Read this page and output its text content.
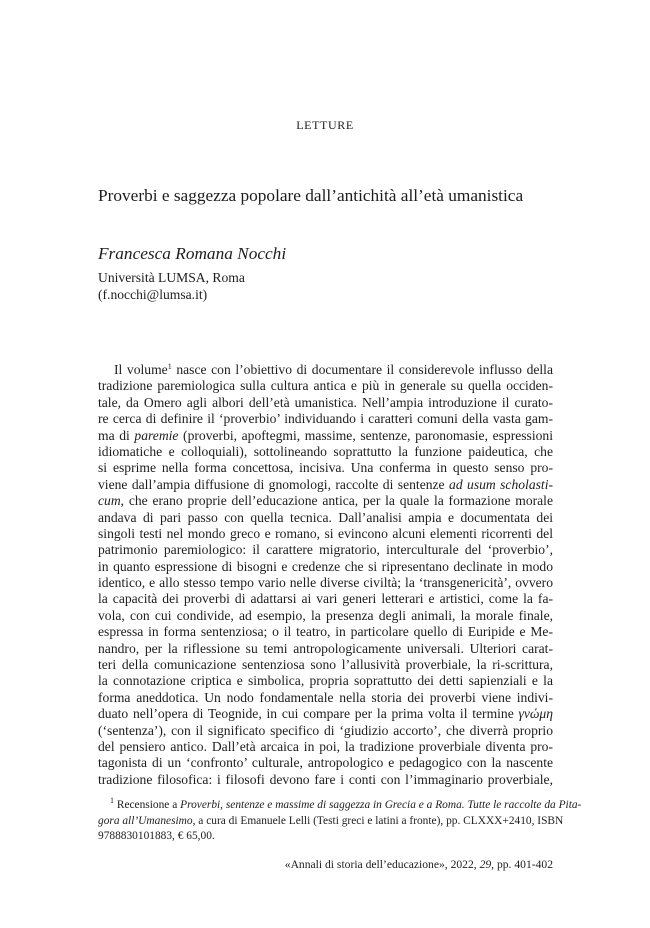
LETTURE
Proverbi e saggezza popolare dall’antichità all’età umanistica
Francesca Romana Nocchi
Università LUMSA, Roma
(f.nocchi@lumsa.it)
Il volume$^1$ nasce con l’obiettivo di documentare il considerevole influsso della
tradizione paremiologica sulla cultura antica e più in generale su quella occiden-
tale, da Omero agli albori dell’età umanistica. Nell’ampia introduzione il curato-
re cerca di definire il ‘proverbio’ individuando i caratteri comuni della vasta gam-
ma di paremie (proverbi, apoftegmi, massime, sentenze, paronomasie, espressioni
idiomatiche e colloquiali), sottolineando soprattutto la funzione paideutica, che
si esprime nella forma concettosa, incisiva. Una conferma in questo senso pro-
viene dall’ampia diffusione di gnomologi, raccolte di sentenze ad usum scholasti-
cum, che erano proprie dell’educazione antica, per la quale la formazione morale
andava di pari passo con quella tecnica. Dall’analisi ampia e documentata dei
singoli testi nel mondo greco e romano, si evincono alcuni elementi ricorrenti del
patrimonio paremiologico: il carattere migratorio, interculturale del ‘proverbio’,
in quanto espressione di bisogni e credenze che si ripresentano declinate in modo
identico, e allo stesso tempo vario nelle diverse civiltà; la ‘transgenericità’, ovvero
la capacità dei proverbi di adattarsi ai vari generi letterari e artistici, come la fa-
vola, con cui condivide, ad esempio, la presenza degli animali, la morale finale,
espressa in forma sentenziosa; o il teatro, in particolare quello di Euripide e Me-
nandro, per la riflessione su temi antropologicamente universali. Ulteriori carat-
teri della comunicazione sentenziosa sono l’allusività proverbiale, la ri-scrittura,
la connotazione criptica e simbolica, propria soprattutto dei detti sapienziali e la
forma aneddotica. Un nodo fondamentale nella storia dei proverbi viene indivi-
duato nell’opera di Teognide, in cui compare per la prima volta il termine γνώμη
(‘sentenza’), con il significato specifico di ‘giudizio accorto’, che diverrà proprio
del pensiero antico. Dall’età arcaica in poi, la tradizione proverbiale diventa pro-
tagonista di un ‘confronto’ culturale, antropologico e pedagogico con la nascente
tradizione filosofica: i filosofi devono fare i conti con l’immaginario proverbiale,
$^1$ Recensione a Proverbi, sentenze e massime di saggezza in Grecia e a Roma. Tutte le raccolte da Pita-
gora all’Umanesimo, a cura di Emanuele Lelli (Testi greci e latini a fronte), pp. CLXXX+2410, ISBN
9788830101883, € 65,00.
«Annali di storia dell’educazione», 2022, 29, pp. 401-402
